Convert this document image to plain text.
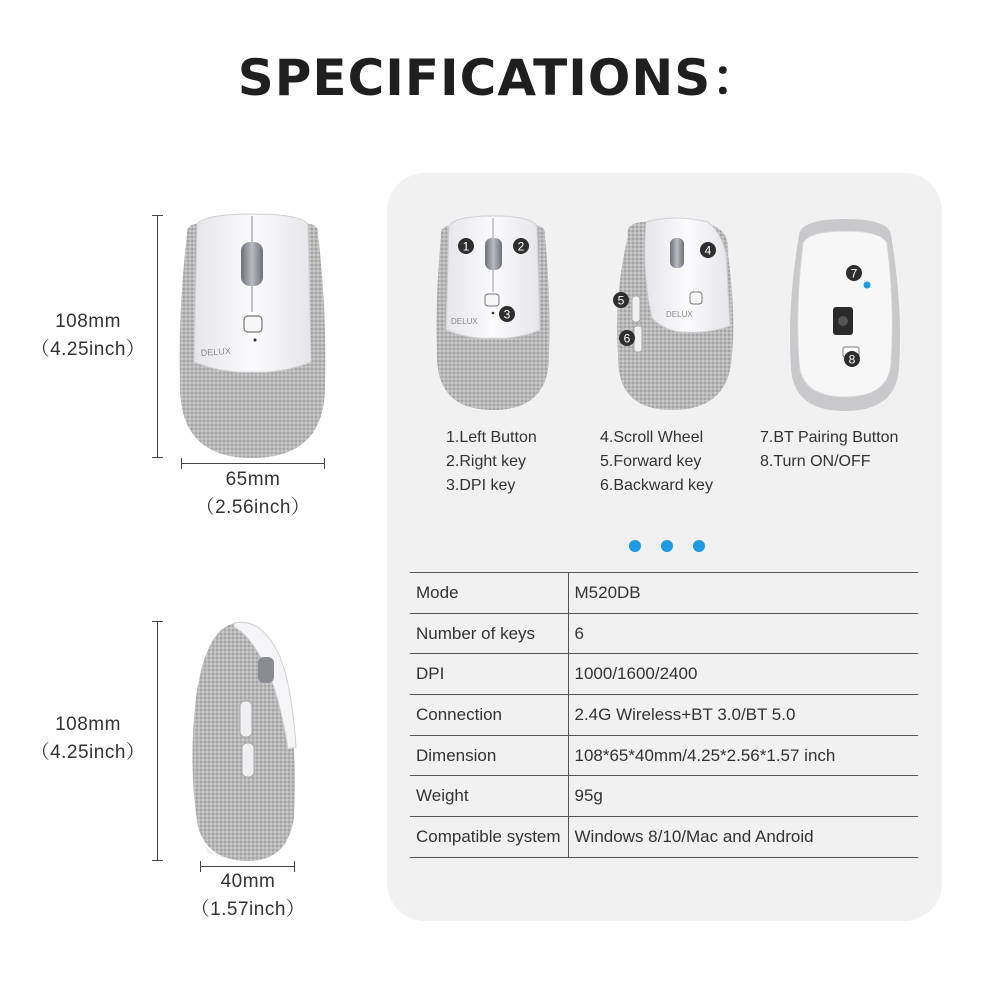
SPECIFICATIONS：
108mm
（4.25inch）
65mm
（2.56inch）
DELUX
108mm
（4.25inch）
40mm
（1.57inch）
DELUX
1	2
3	DELUX
4
5
6
7
8
1.Left Button
2.Right key
3.DPI key
4.Scroll Wheel
5.Forward key
6.Backward key
7.BT Pairing Button
8.Turn ON/OFF
Mode	M520DB
Number of keys	6
DPI	1000/1600/2400
Connection	2.4G Wireless+BT 3.0/BT 5.0
Dimension	108*65*40mm/4.25*2.56*1.57 inch
Weight	95g
Compatible system	Windows 8/10/Mac and Android
